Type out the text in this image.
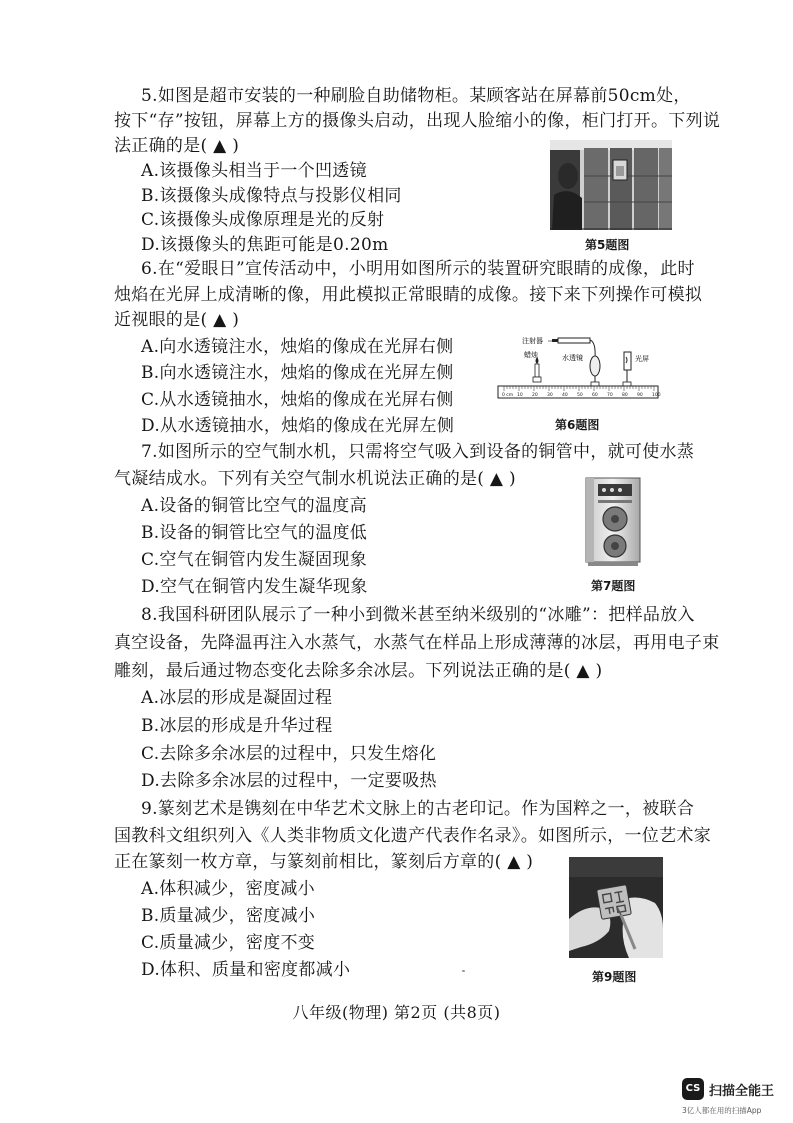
5.如图是超市安装的一种刷脸自助储物柜。某顾客站在屏幕前50cm处，
按下“存”按钮，屏幕上方的摄像头启动，出现人脸缩小的像，柜门打开。下列说
法正确的是( ▲ )
A.该摄像头相当于一个凹透镜
B.该摄像头成像特点与投影仪相同
C.该摄像头成像原理是光的反射
D.该摄像头的焦距可能是0.20m	第5题图
6.在“爱眼日”宣传活动中，小明用如图所示的装置研究眼睛的成像，此时
烛焰在光屏上成清晰的像，用此模拟正常眼睛的成像。接下来下列操作可模拟
近视眼的是( ▲ )
A.向水透镜注水，烛焰的像成在光屏右侧
B.向水透镜注水，烛焰的像成在光屏左侧
C.从水透镜抽水，烛焰的像成在光屏右侧
D.从水透镜抽水，烛焰的像成在光屏左侧
注射器
蜡烛	水透镜	光屏
0 cm 10 20 30 40 50 60 70 80 90 100
第6题图
7.如图所示的空气制水机，只需将空气吸入到设备的铜管中，就可使水蒸
气凝结成水。下列有关空气制水机说法正确的是( ▲ )
A.设备的铜管比空气的温度高
B.设备的铜管比空气的温度低
C.空气在铜管内发生凝固现象
D.空气在铜管内发生凝华现象	第7题图
8.我国科研团队展示了一种小到微米甚至纳米级别的“冰雕”：把样品放入
真空设备，先降温再注入水蒸气，水蒸气在样品上形成薄薄的冰层，再用电子束
雕刻，最后通过物态变化去除多余冰层。下列说法正确的是( ▲ )
A.冰层的形成是凝固过程
B.冰层的形成是升华过程
C.去除多余冰层的过程中，只发生熔化
D.去除多余冰层的过程中，一定要吸热
9.篆刻艺术是镌刻在中华艺术文脉上的古老印记。作为国粹之一，被联合
国教科文组织列入《人类非物质文化遗产代表作名录》。如图所示，一位艺术家
正在篆刻一枚方章，与篆刻前相比，篆刻后方章的( ▲ )
A.体积减少，密度减小
B.质量减少，密度减小
C.质量减少，密度不变
D.体积、质量和密度都减小	第9题图
八年级(物理) 第2页 (共8页)
CS 扫描全能王
3亿人都在用的扫描App
